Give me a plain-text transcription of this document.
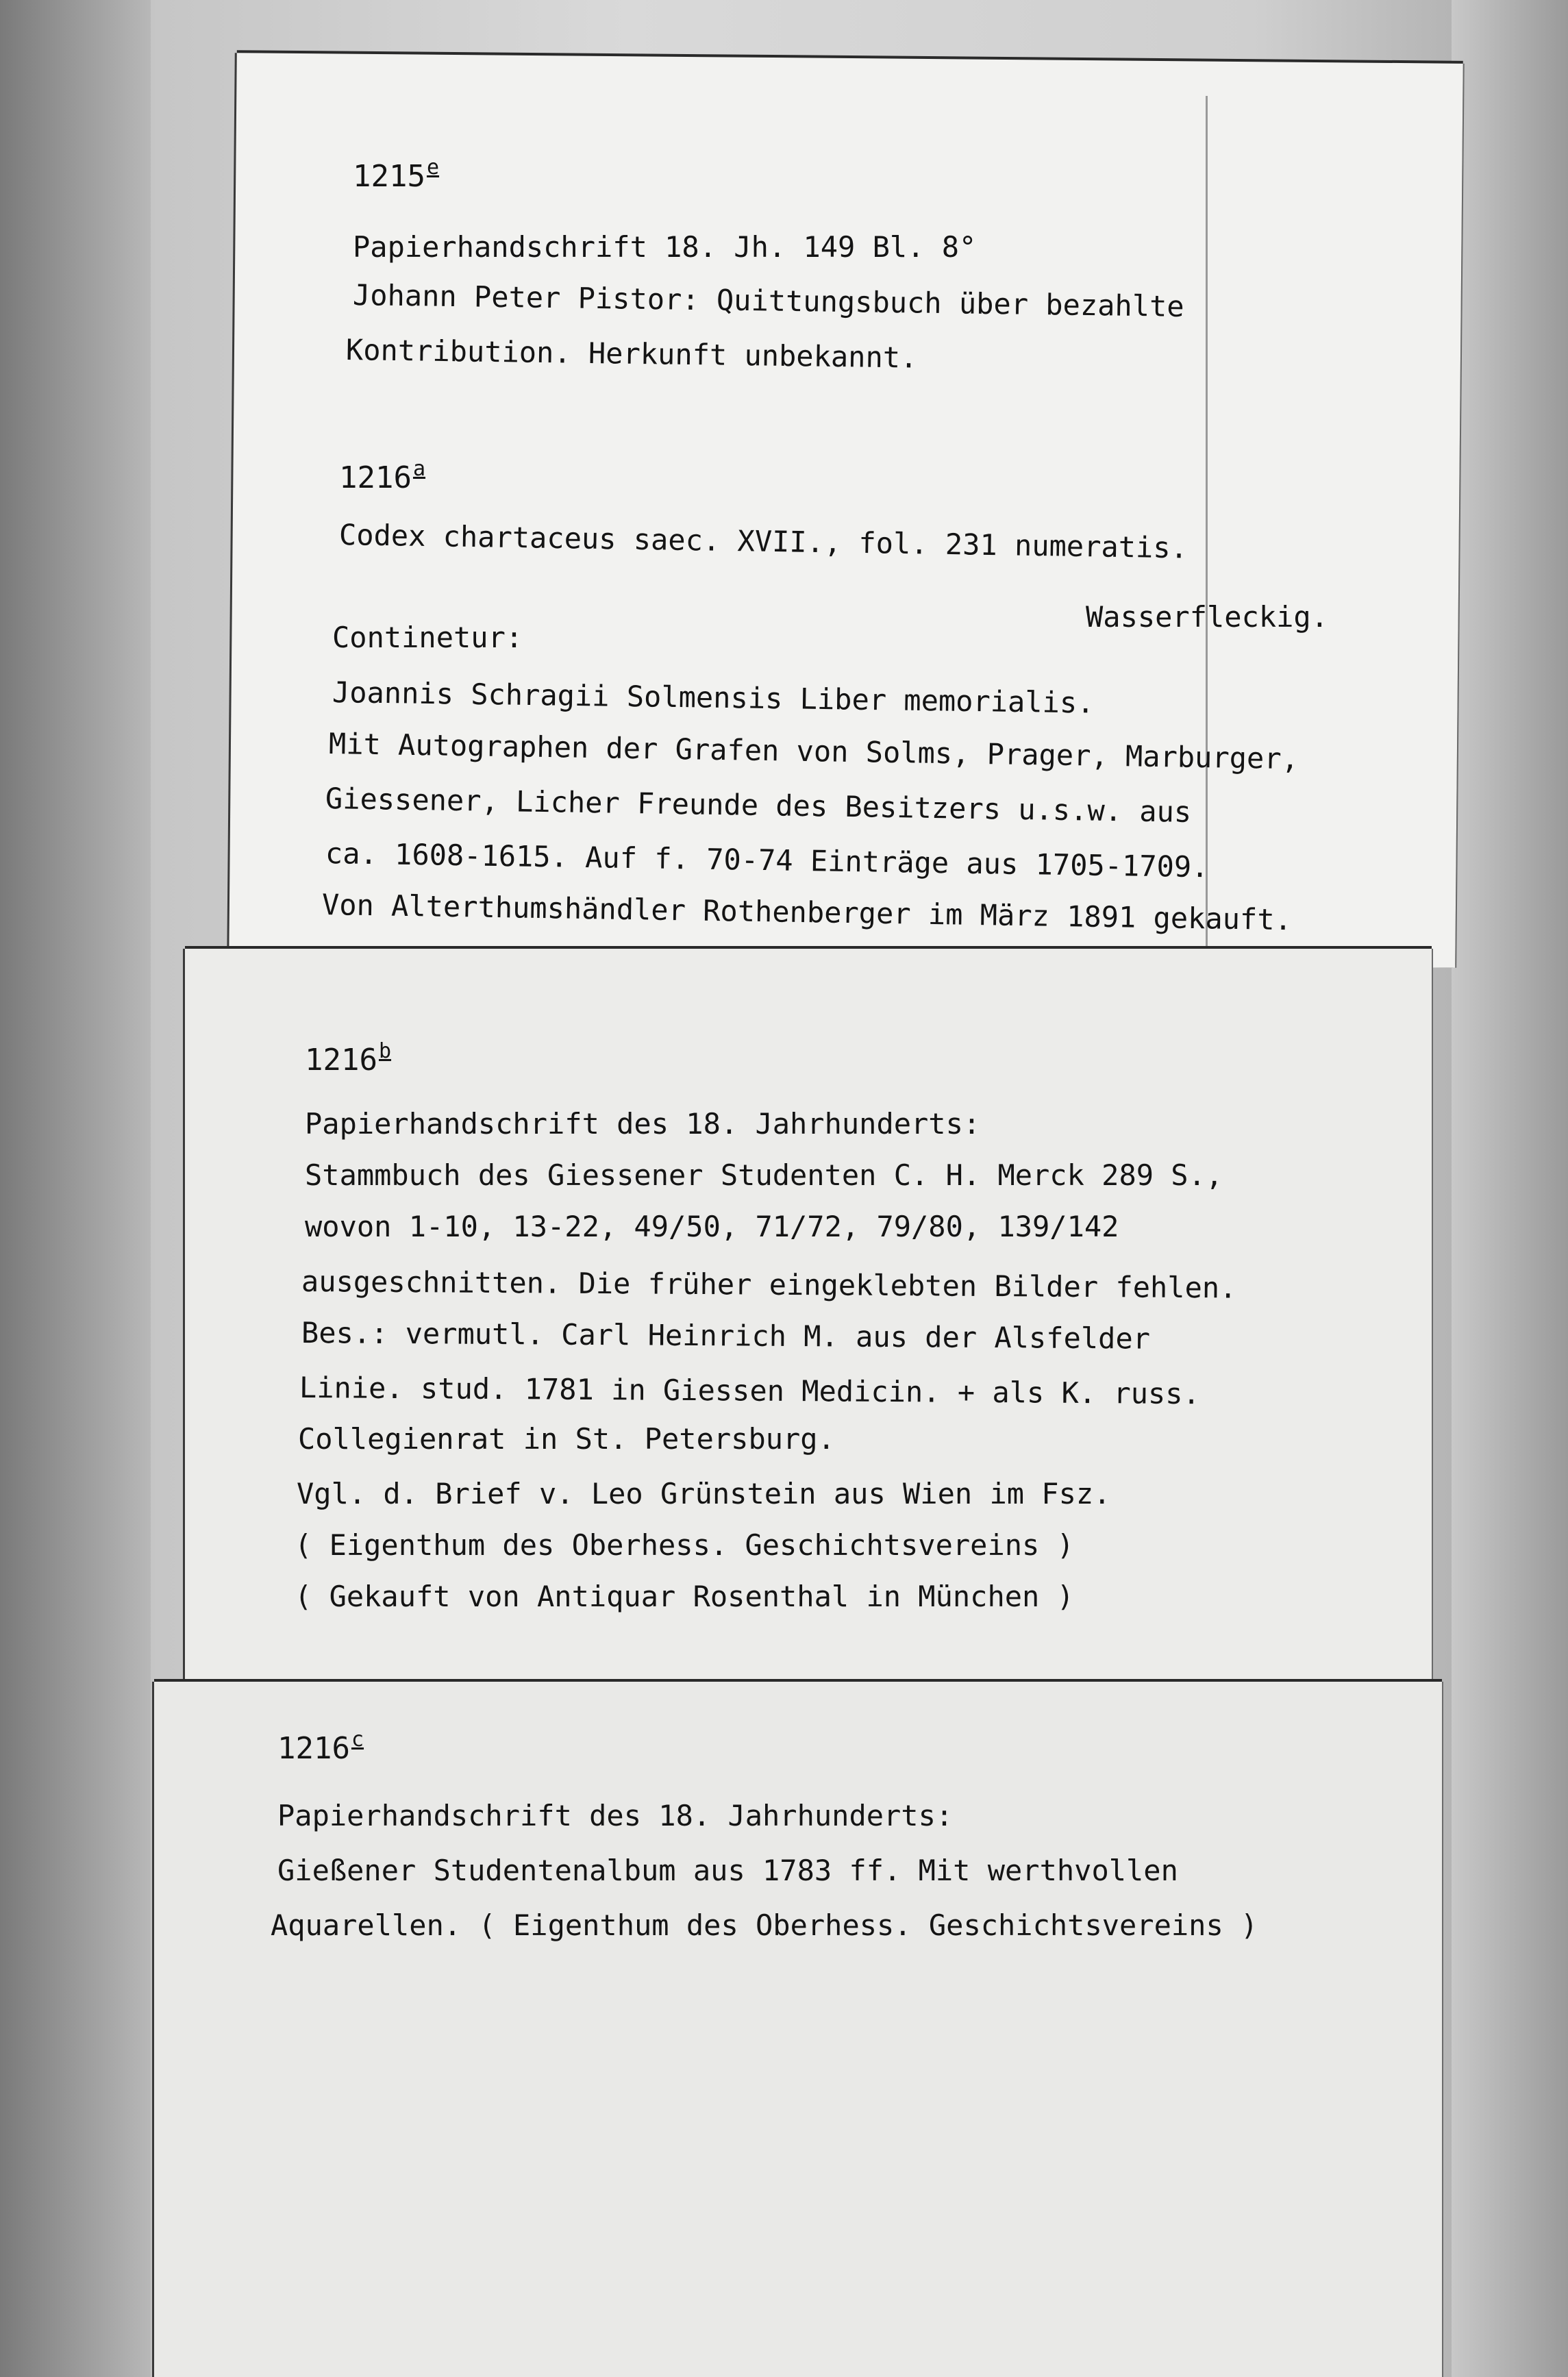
1215e
Papierhandschrift 18. Jh. 149 Bl. 8°
Johann Peter Pistor: Quittungsbuch über bezahlte
Kontribution. Herkunft unbekannt.
1216$^a$
Codex chartaceus saec. XVII., fol. 231 numeratis.
Wasserfleckig.
Continetur:
Joannis Schragii Solmensis Liber memorialis.
Mit Autographen der Grafen von Solms, Prager, Marburger,
Giessener, Licher Freunde des Besitzers u.s.w. aus
ca. 1608-1615. Auf f. 70-74 Einträge aus 1705-1709.
Von Alterthumshändler Rothenberger im März 1891 gekauft.
1216$^b$
Papierhandschrift des 18. Jahrhunderts:
Stammbuch des Giessener Studenten C. H. Merck 289 S.,
wovon 1-10, 13-22, 49/50, 71/72, 79/80, 139/142
ausgeschnitten. Die früher eingeklebten Bilder fehlen.
Bes.: vermutl. Carl Heinrich M. aus der Alsfelder
Linie. stud. 1781 in Giessen Medicin. + als K. russ.
Collegienrat in St. Petersburg.
Vgl. d. Brief v. Leo Grünstein aus Wien im Fsz.
( Eigenthum des Oberhess. Geschichtsvereins )
( Gekauft von Antiquar Rosenthal in München )
1216$^c$
Papierhandschrift des 18. Jahrhunderts:
Gießener Studentenalbum aus 1783 ff. Mit werthvollen
Aquarellen. ( Eigenthum des Oberhess. Geschichtsvereins )
